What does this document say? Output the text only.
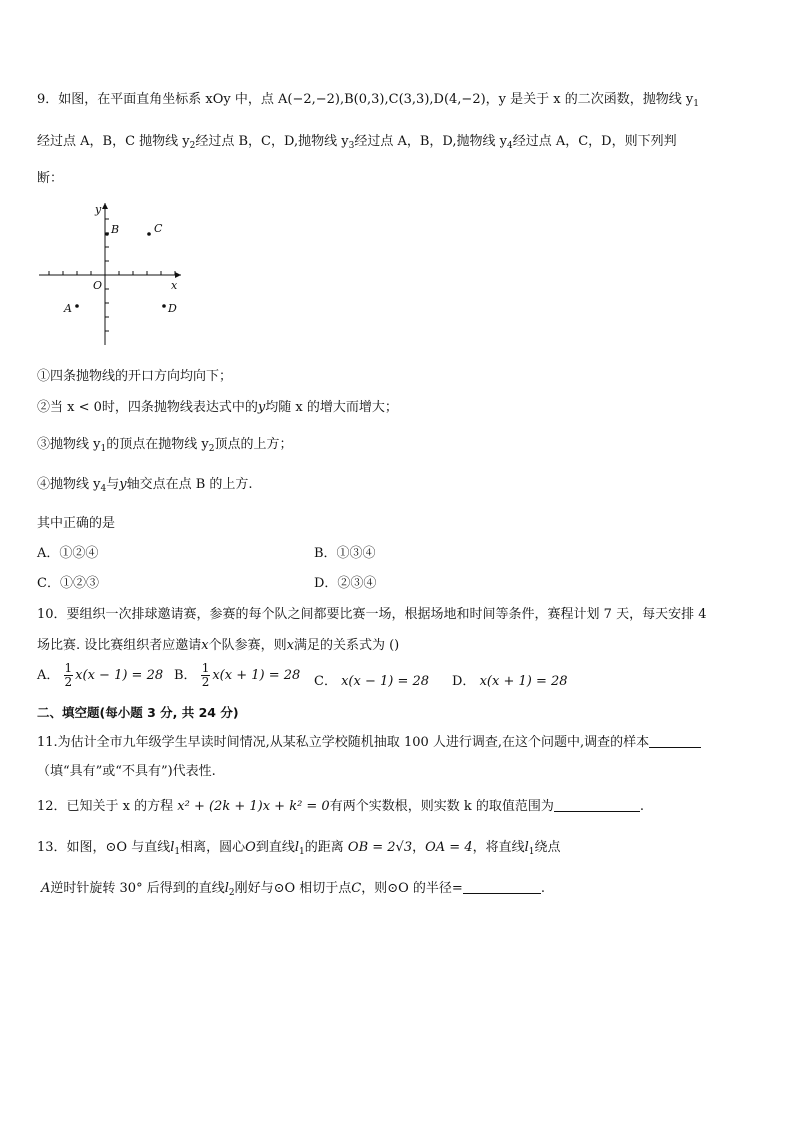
9．如图，在平面直角坐标系 xOy 中，点 A(−2,−2),B(0,3),C(3,3),D(4,−2)，y 是关于 x 的二次函数，抛物线 $y_1$
经过点 A，B，C 抛物线 $y_2$经过点 B，C，D,抛物线 $y_3$经过点 A，B，D,抛物线 $y_4$经过点 A，C，D，则下列判
断：
y
x
O
B	C
A	D
①四条抛物线的开口方向均向下；
②当 x < 0时，四条抛物线表达式中的y均随 x 的增大而增大；
③抛物线 $y_1$的顶点在抛物线 $y_2$顶点的上方；
④抛物线 $y_4$与y轴交点在点 B 的上方.
其中正确的是
A．①②④	B．①③④
C．①②③	D．②③④
10．要组织一次排球邀请赛，参赛的每个队之间都要比赛一场，根据场地和时间等条件，赛程计划 7 天，每天安排 4
场比赛. 设比赛组织者应邀请x个队参赛，则x满足的关系式为 ()
A． $\frac{1}{2} x(x - 1) = 28$ B． $\frac{1}{2} x(x + 1) = 28$ C． x(x − 1) = 28 D． x(x + 1) = 28
二、填空题(每小题 3 分, 共 24 分)
11.为估计全市九年级学生早读时间情况,从某私立学校随机抽取 100 人进行调查,在这个问题中,调查的样本
（填“具有”或“不具有”)代表性.
12．已知关于 x 的方程 x² + (2k + 1)x + k² = 0有两个实数根，则实数 k 的取值范围为	.
13．如图，⊙O 与直线$l_1$相离，圆心O到直线$l_1$的距离 OB = 2√3，OA = 4，将直线$l_1$绕点
A逆时针旋转 30° 后得到的直线$l_2$刚好与⊙O 相切于点C，则⊙O 的半径=	.
